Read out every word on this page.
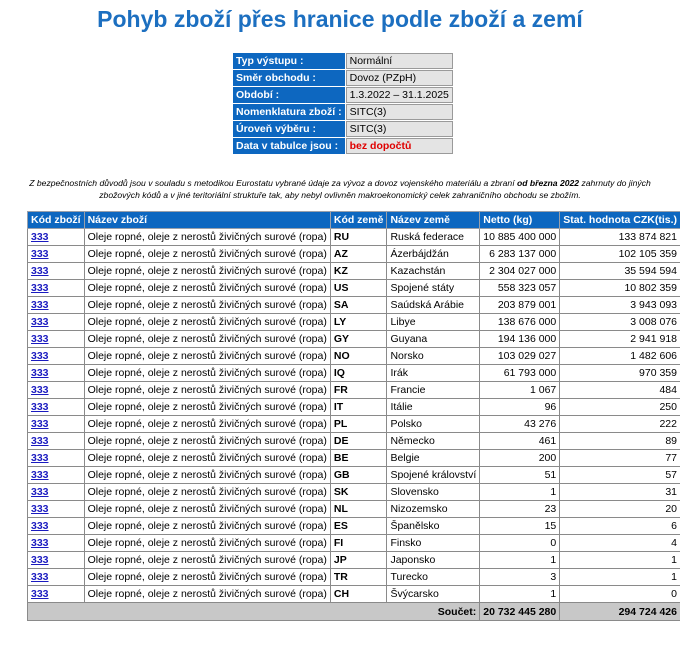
Pohyb zboží přes hranice podle zboží a zemí
Typ výstupu :	Normální
Směr obchodu :	Dovoz (PZpH)
Období :	1.3.2022 – 31.1.2025
Nomenklatura zboží :	SITC(3)
Úroveň výběru :	SITC(3)
Data v tabulce jsou :	bez dopočtů
Z bezpečnostních důvodů jsou v souladu s metodikou Eurostatu vybrané údaje za vývoz a dovoz vojenského materiálu a zbraní od března 2022 zahrnuty do jiných zbožových kódů a v jiné teritoriální struktuře tak, aby nebyl ovlivněn makroekonomický celek zahraničního obchodu se zbožím.
Kód zboží	Název zboží	Kód země	Název země	Netto (kg)	Stat. hodnota CZK(tis.)
333	Oleje ropné, oleje z nerostů živičných surové (ropa)	RU	Ruská federace	10 885 400 000	133 874 821
333	Oleje ropné, oleje z nerostů živičných surové (ropa)	AZ	Ázerbájdžán	6 283 137 000	102 105 359
333	Oleje ropné, oleje z nerostů živičných surové (ropa)	KZ	Kazachstán	2 304 027 000	35 594 594
333	Oleje ropné, oleje z nerostů živičných surové (ropa)	US	Spojené státy	558 323 057	10 802 359
333	Oleje ropné, oleje z nerostů živičných surové (ropa)	SA	Saúdská Arábie	203 879 001	3 943 093
333	Oleje ropné, oleje z nerostů živičných surové (ropa)	LY	Libye	138 676 000	3 008 076
333	Oleje ropné, oleje z nerostů živičných surové (ropa)	GY	Guyana	194 136 000	2 941 918
333	Oleje ropné, oleje z nerostů živičných surové (ropa)	NO	Norsko	103 029 027	1 482 606
333	Oleje ropné, oleje z nerostů živičných surové (ropa)	IQ	Irák	61 793 000	970 359
333	Oleje ropné, oleje z nerostů živičných surové (ropa)	FR	Francie	1 067	484
333	Oleje ropné, oleje z nerostů živičných surové (ropa)	IT	Itálie	96	250
333	Oleje ropné, oleje z nerostů živičných surové (ropa)	PL	Polsko	43 276	222
333	Oleje ropné, oleje z nerostů živičných surové (ropa)	DE	Německo	461	89
333	Oleje ropné, oleje z nerostů živičných surové (ropa)	BE	Belgie	200	77
333	Oleje ropné, oleje z nerostů živičných surové (ropa)	GB	Spojené království	51	57
333	Oleje ropné, oleje z nerostů živičných surové (ropa)	SK	Slovensko	1	31
333	Oleje ropné, oleje z nerostů živičných surové (ropa)	NL	Nizozemsko	23	20
333	Oleje ropné, oleje z nerostů živičných surové (ropa)	ES	Španělsko	15	6
333	Oleje ropné, oleje z nerostů živičných surové (ropa)	FI	Finsko	0	4
333	Oleje ropné, oleje z nerostů živičných surové (ropa)	JP	Japonsko	1	1
333	Oleje ropné, oleje z nerostů živičných surové (ropa)	TR	Turecko	3	1
333	Oleje ropné, oleje z nerostů živičných surové (ropa)	CH	Švýcarsko	1	0
Součet:				20 732 445 280	294 724 426
